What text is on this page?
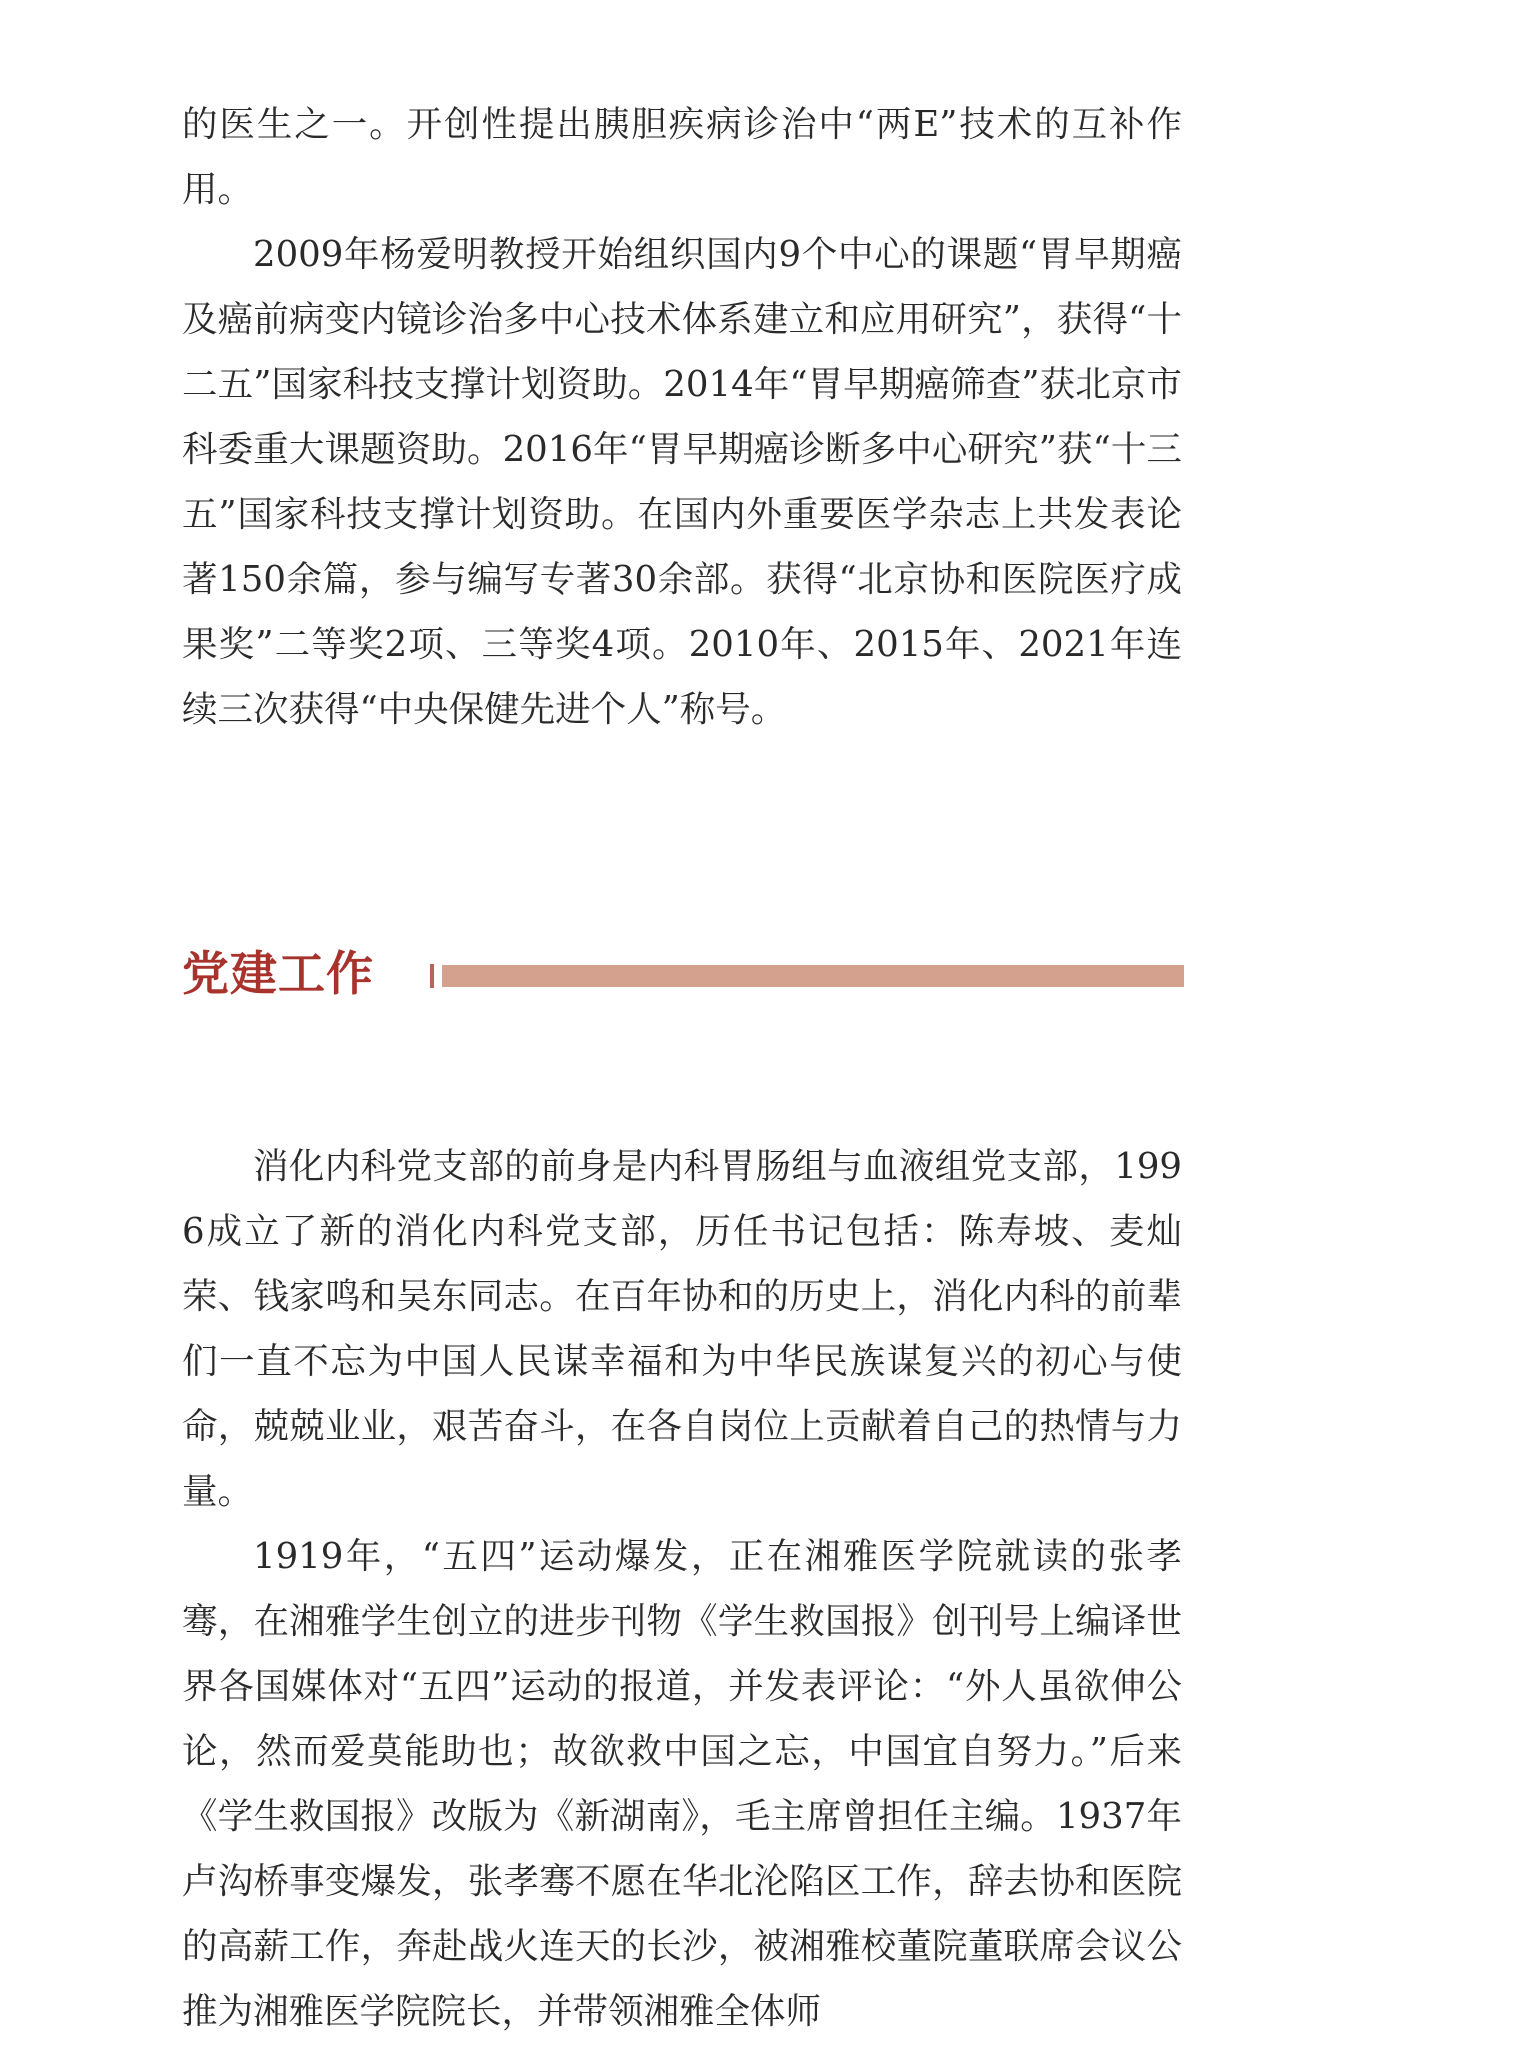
的医生之一。开创性提出胰胆疾病诊治中“两E”技术的互补作用。

2009年杨爱明教授开始组织国内9个中心的课题“胃早期癌及癌前病变内镜诊治多中心技术体系建立和应用研究”，获得“十二五”国家科技支撑计划资助。2014年“胃早期癌筛查”获北京市科委重大课题资助。2016年“胃早期癌诊断多中心研究”获“十三五”国家科技支撑计划资助。在国内外重要医学杂志上共发表论著150余篇，参与编写专著30余部。获得“北京协和医院医疗成果奖”二等奖2项、三等奖4项。2010年、2015年、2021年连续三次获得“中央保健先进个人”称号。

党建工作

消化内科党支部的前身是内科胃肠组与血液组党支部，1996成立了新的消化内科党支部，历任书记包括：陈寿坡、麦灿荣、钱家鸣和吴东同志。在百年协和的历史上，消化内科的前辈们一直不忘为中国人民谋幸福和为中华民族谋复兴的初心与使命，兢兢业业，艰苦奋斗，在各自岗位上贡献着自己的热情与力量。

1919年，“五四”运动爆发，正在湘雅医学院就读的张孝骞，在湘雅学生创立的进步刊物《学生救国报》创刊号上编译世界各国媒体对“五四”运动的报道，并发表评论：“外人虽欲伸公论，然而爱莫能助也；故欲救中国之忘，中国宜自努力。”后来《学生救国报》改版为《新湖南》，毛主席曾担任主编。1937年卢沟桥事变爆发，张孝骞不愿在华北沦陷区工作，辞去协和医院的高薪工作，奔赴战火连天的长沙，被湘雅校董院董联席会议公推为湘雅医学院院长，并带领湘雅全体师
